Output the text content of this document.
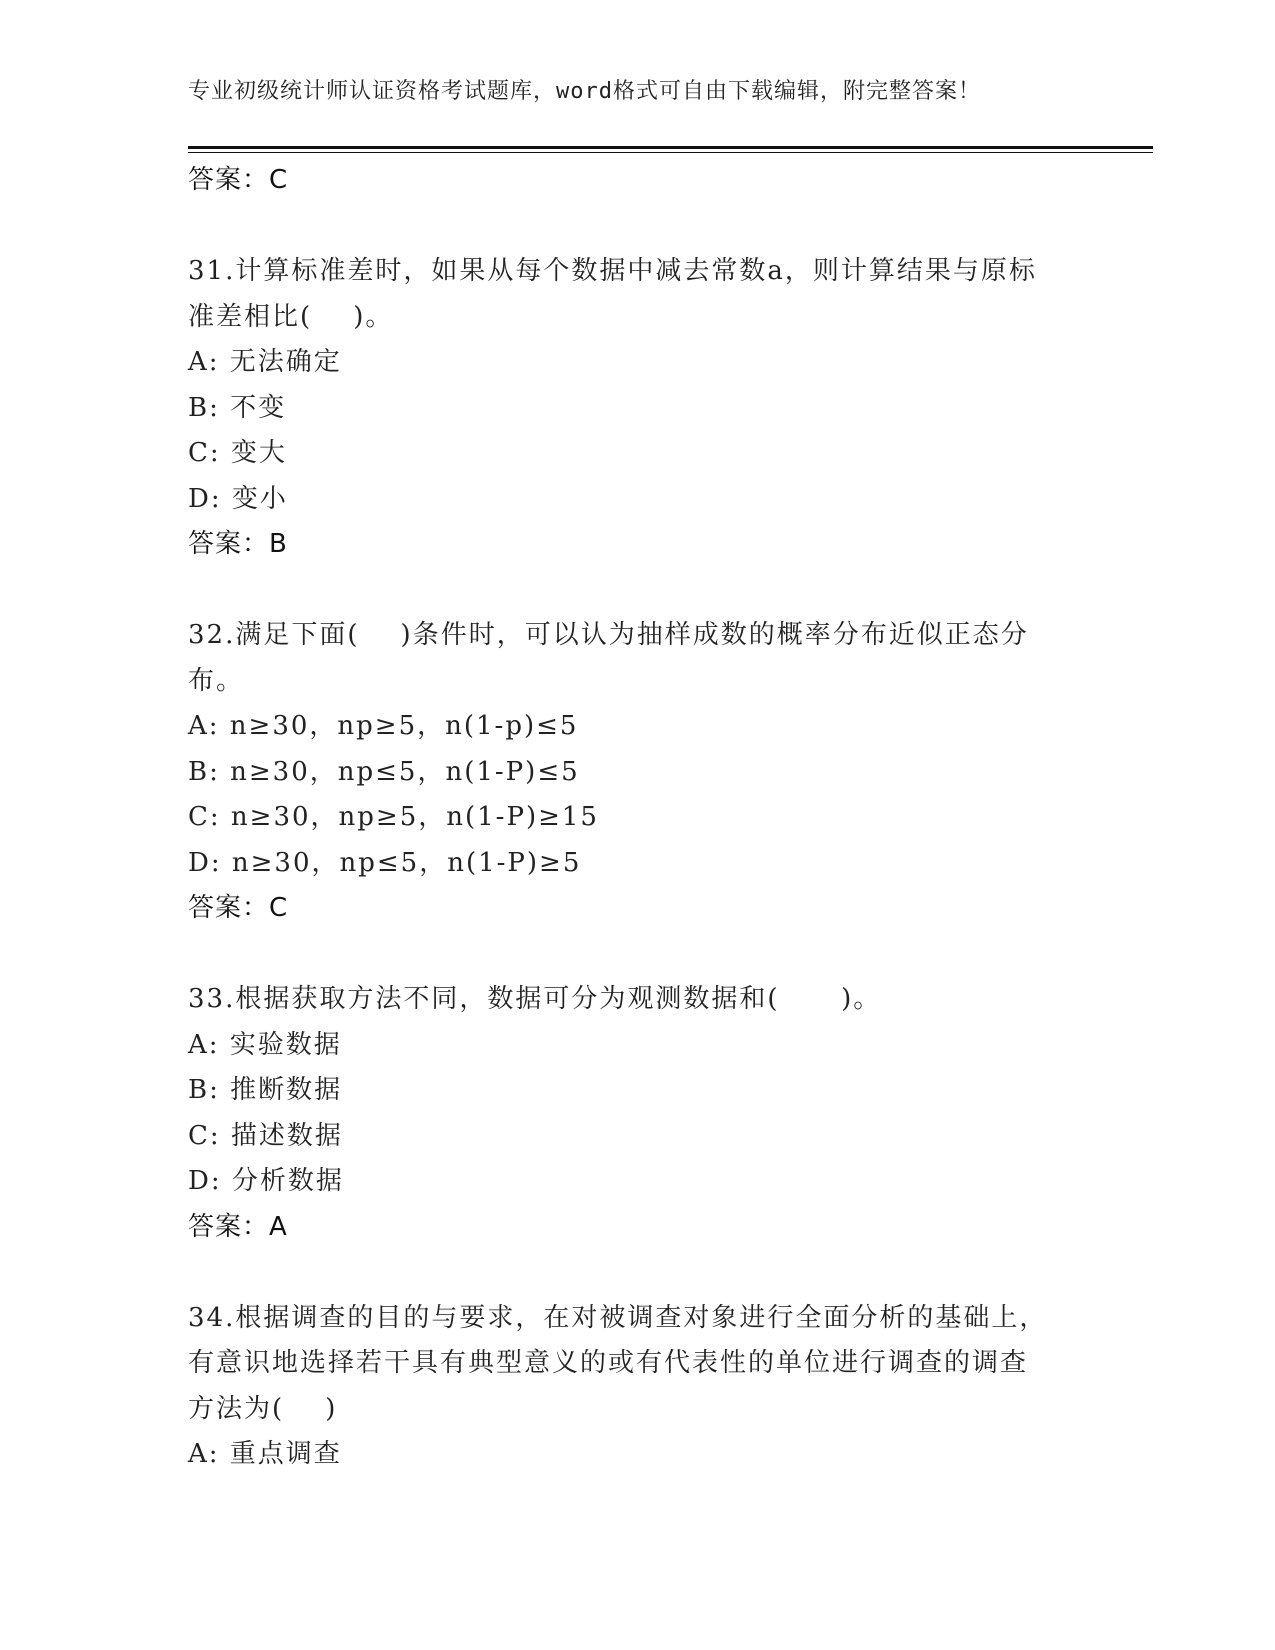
专业初级统计师认证资格考试题库，word格式可自由下载编辑，附完整答案！
答案：C
31.计算标准差时，如果从每个数据中减去常数a，则计算结果与原标
准差相比(    )。
A: 无法确定
B: 不变
C: 变大
D: 变小
答案：B
32.满足下面(    )条件时，可以认为抽样成数的概率分布近似正态分
布。
A: n≥30，np≥5，n(1-p)≤5
B: n≥30，np≤5，n(1-P)≤5
C: n≥30，np≥5，n(1-P)≥15
D: n≥30，np≤5，n(1-P)≥5
答案：C
33.根据获取方法不同，数据可分为观测数据和(      )。
A: 实验数据
B: 推断数据
C: 描述数据
D: 分析数据
答案：A
34.根据调查的目的与要求，在对被调查对象进行全面分析的基础上，
有意识地选择若干具有典型意义的或有代表性的单位进行调查的调查
方法为(    )
A: 重点调查
